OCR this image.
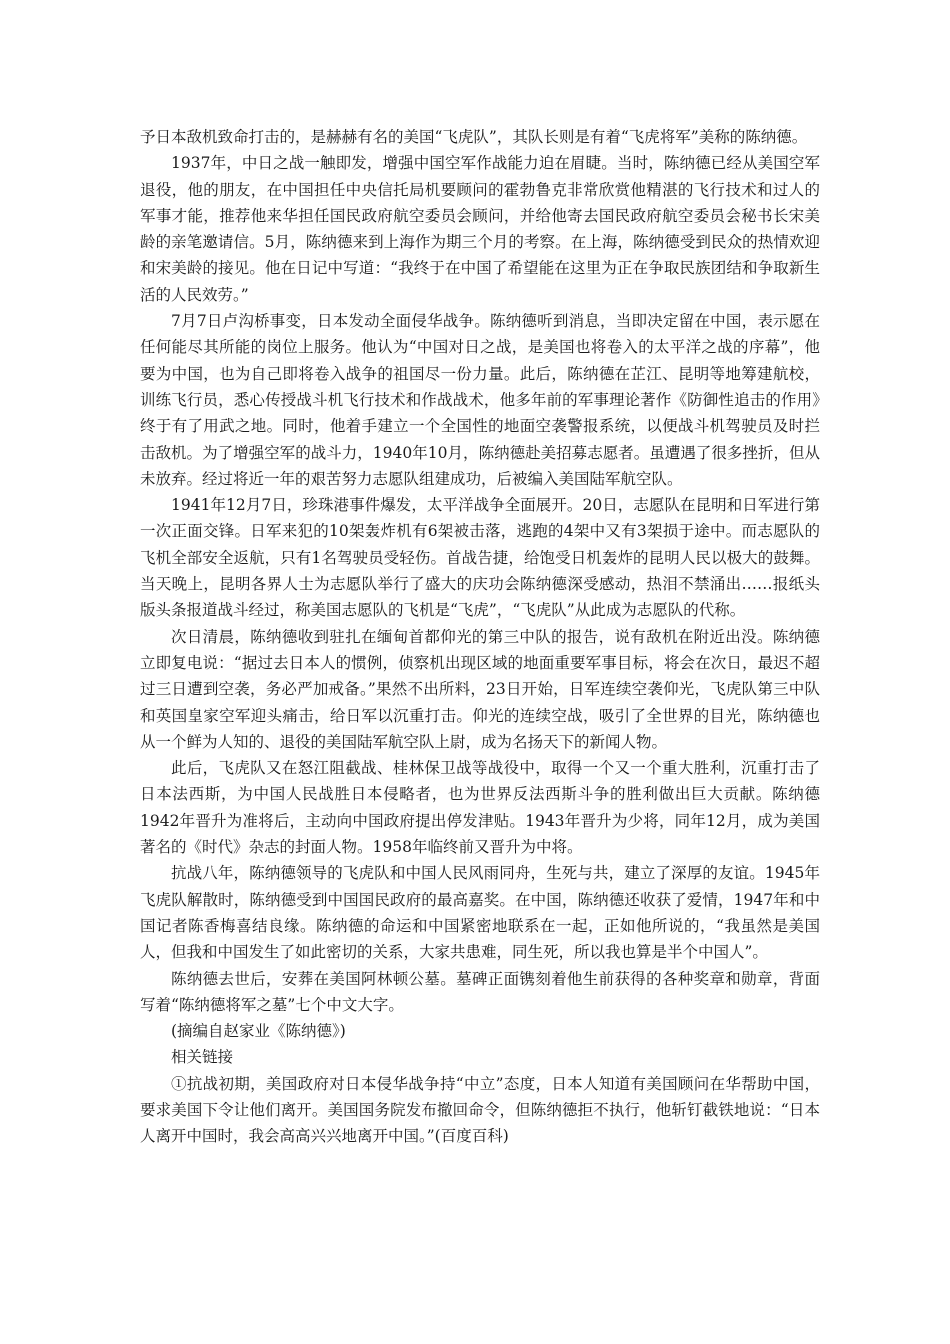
予日本敌机致命打击的，是赫赫有名的美国“飞虎队”，其队长则是有着“飞虎将军”美称的陈纳德。

1937年，中日之战一触即发，增强中国空军作战能力迫在眉睫。当时，陈纳德已经从美国空军退役，他的朋友，在中国担任中央信托局机要顾问的霍勃鲁克非常欣赏他精湛的飞行技术和过人的军事才能，推荐他来华担任国民政府航空委员会顾问，并给他寄去国民政府航空委员会秘书长宋美龄的亲笔邀请信。5月，陈纳德来到上海作为期三个月的考察。在上海，陈纳德受到民众的热情欢迎和宋美龄的接见。他在日记中写道：“我终于在中国了希望能在这里为正在争取民族团结和争取新生活的人民效劳。”

7月7日卢沟桥事变，日本发动全面侵华战争。陈纳德听到消息，当即决定留在中国，表示愿在任何能尽其所能的岗位上服务。他认为“中国对日之战，是美国也将卷入的太平洋之战的序幕”，他要为中国，也为自己即将卷入战争的祖国尽一份力量。此后，陈纳德在芷江、昆明等地筹建航校，训练飞行员，悉心传授战斗机飞行技术和作战战术，他多年前的军事理论著作《防御性追击的作用》终于有了用武之地。同时，他着手建立一个全国性的地面空袭警报系统，以便战斗机驾驶员及时拦击敌机。为了增强空军的战斗力，1940年10月，陈纳德赴美招募志愿者。虽遭遇了很多挫折，但从未放弃。经过将近一年的艰苦努力志愿队组建成功，后被编入美国陆军航空队。

1941年12月7日，珍珠港事件爆发，太平洋战争全面展开。20日，志愿队在昆明和日军进行第一次正面交锋。日军来犯的10架轰炸机有6架被击落，逃跑的4架中又有3架损于途中。而志愿队的飞机全部安全返航，只有1名驾驶员受轻伤。首战告捷，给饱受日机轰炸的昆明人民以极大的鼓舞。当天晚上，昆明各界人士为志愿队举行了盛大的庆功会陈纳德深受感动，热泪不禁涌出……报纸头版头条报道战斗经过，称美国志愿队的飞机是“飞虎”，“飞虎队”从此成为志愿队的代称。

次日清晨，陈纳德收到驻扎在缅甸首都仰光的第三中队的报告，说有敌机在附近出没。陈纳德立即复电说：“据过去日本人的惯例，侦察机出现区域的地面重要军事目标，将会在次日，最迟不超过三日遭到空袭，务必严加戒备。”果然不出所料，23日开始，日军连续空袭仰光，飞虎队第三中队和英国皇家空军迎头痛击，给日军以沉重打击。仰光的连续空战，吸引了全世界的目光，陈纳德也从一个鲜为人知的、退役的美国陆军航空队上尉，成为名扬天下的新闻人物。

此后，飞虎队又在怒江阻截战、桂林保卫战等战役中，取得一个又一个重大胜利，沉重打击了日本法西斯，为中国人民战胜日本侵略者，也为世界反法西斯斗争的胜利做出巨大贡献。陈纳德1942年晋升为准将后，主动向中国政府提出停发津贴。1943年晋升为少将，同年12月，成为美国著名的《时代》杂志的封面人物。1958年临终前又晋升为中将。

抗战八年，陈纳德领导的飞虎队和中国人民风雨同舟，生死与共，建立了深厚的友谊。1945年飞虎队解散时，陈纳德受到中国国民政府的最高嘉奖。在中国，陈纳德还收获了爱情，1947年和中国记者陈香梅喜结良缘。陈纳德的命运和中国紧密地联系在一起，正如他所说的，“我虽然是美国人，但我和中国发生了如此密切的关系，大家共患难，同生死，所以我也算是半个中国人”。

陈纳德去世后，安葬在美国阿林顿公墓。墓碑正面镌刻着他生前获得的各种奖章和勋章，背面写着“陈纳德将军之墓”七个中文大字。

(摘编自赵家业《陈纳德》)

相关链接

①抗战初期，美国政府对日本侵华战争持“中立”态度，日本人知道有美国顾问在华帮助中国，要求美国下令让他们离开。美国国务院发布撤回命令，但陈纳德拒不执行，他斩钉截铁地说：“日本人离开中国时，我会高高兴兴地离开中国。”(百度百科)
